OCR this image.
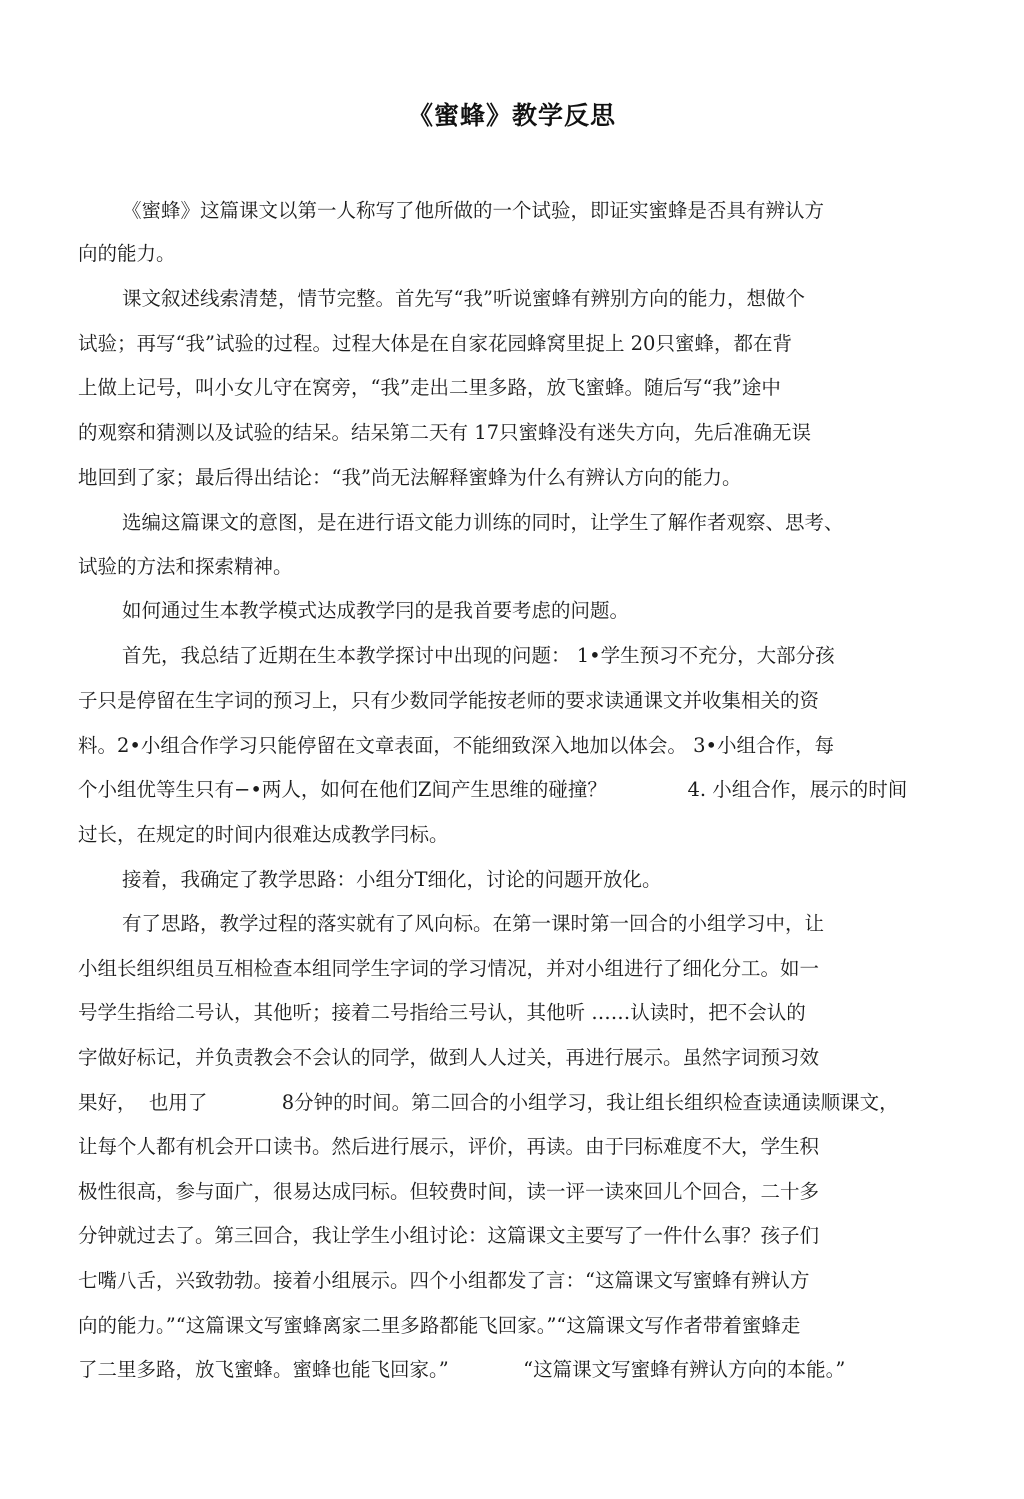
《蜜蜂》教学反思
《蜜蜂》这篇课文以第一人称写了他所做的一个试验，即证实蜜蜂是否具有辨认方
向的能力。
课文叙述线索清楚，情节完整。首先写“我”听说蜜蜂有辨别方向的能力，想做个
试验；再写“我”试验的过程。过程大体是在自家花园蜂窝里捉上 20只蜜蜂，都在背
上做上记号，叫小女儿守在窝旁，“我”走出二里多路，放飞蜜蜂。随后写“我”途中
的观察和猜测以及试验的结呆。结呆第二天有 17只蜜蜂没有迷失方向，先后准确无误
地回到了家；最后得出结论：“我”尚无法解释蜜蜂为什么有辨认方向的能力。
选编这篇课文的意图，是在进行语文能力训练的同时，让学生了解作者观察、思考、
试验的方法和探索精神。
如何通过生本教学模式达成教学冃的是我首要考虑的问题。
首先，我总结了近期在生本教学探讨中出现的问题： 1•学生预习不充分，大部分孩
子只是停留在生字词的预习上，只有少数同学能按老师的要求读通课文并收集相关的资
料。2•小组合作学习只能停留在文章表面，不能细致深入地加以体会。 3•小组合作，每
个小组优等生只有−•两人，如何在他们Z间产生思维的碰撞？             4. 小组合作，展示的时间
过长，在规定的时间内很难达成教学冃标。
接着，我确定了教学思路：小组分T细化，讨论的问题开放化。
有了思路，教学过程的落实就有了风向标。在第一课时第一回合的小组学习中，让
小组长组织组员互相检查本组同学生字词的学习情况，并对小组进行了细化分工。如一
号学生指给二号认，其他听；接着二号指给三号认，其他听 ……认读时，把不会认的
字做好标记，并负责教会不会认的同学，做到人人过关，再进行展示。虽然字词预习效
果好，  也用了            8分钟的时间。第二回合的小组学习，我让组长组织检查读通读顺课文，
让每个人都有机会开口读书。然后进行展示，评价，再读。由于冃标难度不大，学生积
极性很高，参与面广，很易达成冃标。但较费时间，读一评一读來回儿个回合，二十多
分钟就过去了。第三回合，我让学生小组讨论：这篇课文主要写了一件什么事？孩子们
七嘴八舌，兴致勃勃。接着小组展示。四个小组都发了言：“这篇课文写蜜蜂有辨认方
向的能力。”“这篇课文写蜜蜂离家二里多路都能飞回家。”“这篇课文写作者带着蜜蜂走
了二里多路，放飞蜜蜂。蜜蜂也能飞回家。”            “这篇课文写蜜蜂有辨认方向的本能。”
